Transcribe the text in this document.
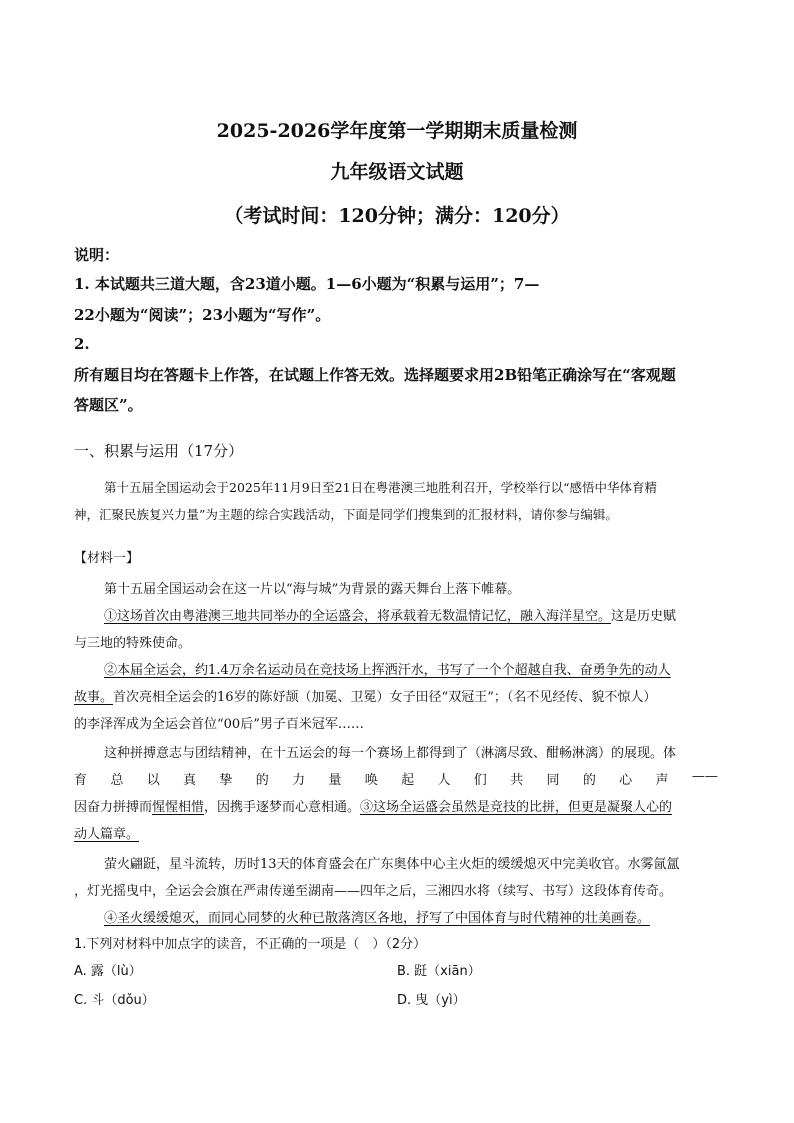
2025-2026学年度第一学期期末质量检测
九年级语文试题
（考试时间：120分钟；满分：120分）
说明：
1. 本试题共三道大题，含23道小题。1—6小题为“积累与运用”；7—
22小题为“阅读”；23小题为“写作”。
2.
所有题目均在答题卡上作答，在试题上作答无效。选择题要求用2B铅笔正确涂写在“客观题
答题区”。
一、积累与运用（17分）
第十五届全国运动会于2025年11月9日至21日在粤港澳三地胜利召开，学校举行以“感悟中华体育精
神，汇聚民族复兴力量”为主题的综合实践活动，下面是同学们搜集到的汇报材料，请你参与编辑。
【材料一】
第十五届全国运动会在这一片以“海与城”为背景的露天舞台上落下帷幕。
①这场首次由粤港澳三地共同举办的全运盛会，将承载着无数温情记忆，融入海洋星空。这是历史赋
与三地的特殊使命。
②本届全运会，约1.4万余名运动员在竞技场上挥洒汗水，书写了一个个超越自我、奋勇争先的动人
故事。首次亮相全运会的16岁的陈妤颉（加冕、卫冕）女子田径“双冠王”；（名不见经传、貌不惊人）
的李泽浑成为全运会首位“00后”男子百米冠军……
这种拼搏意志与团结精神，在十五运会的每一个赛场上都得到了（淋漓尽致、酣畅淋漓）的展现。体
育 总 以 真 挚 的 力 量 唤 起 人 们 共 同 的 心 声 ——
因奋力拼搏而惺惺相惜，因携手逐梦而心意相通。③这场全运盛会虽然是竞技的比拼，但更是凝聚人心的
动人篇章。
萤火翩跹，星斗流转，历时13天的体育盛会在广东奥体中心主火炬的缓缓熄灭中完美收官。水雾氤氲
，灯光摇曳中，全运会会旗在严肃传递至湖南——四年之后，三湘四水将（续写、书写）这段体育传奇。
④圣火缓缓熄灭，而同心同梦的火种已散落湾区各地，抒写了中国体育与时代精神的壮美画卷。
1.下列对材料中加点字的读音，不正确的一项是（　）（2分）
A. 露（lù）	B. 跹（xiān）
C. 斗（dǒu）	D. 曳（yì）
